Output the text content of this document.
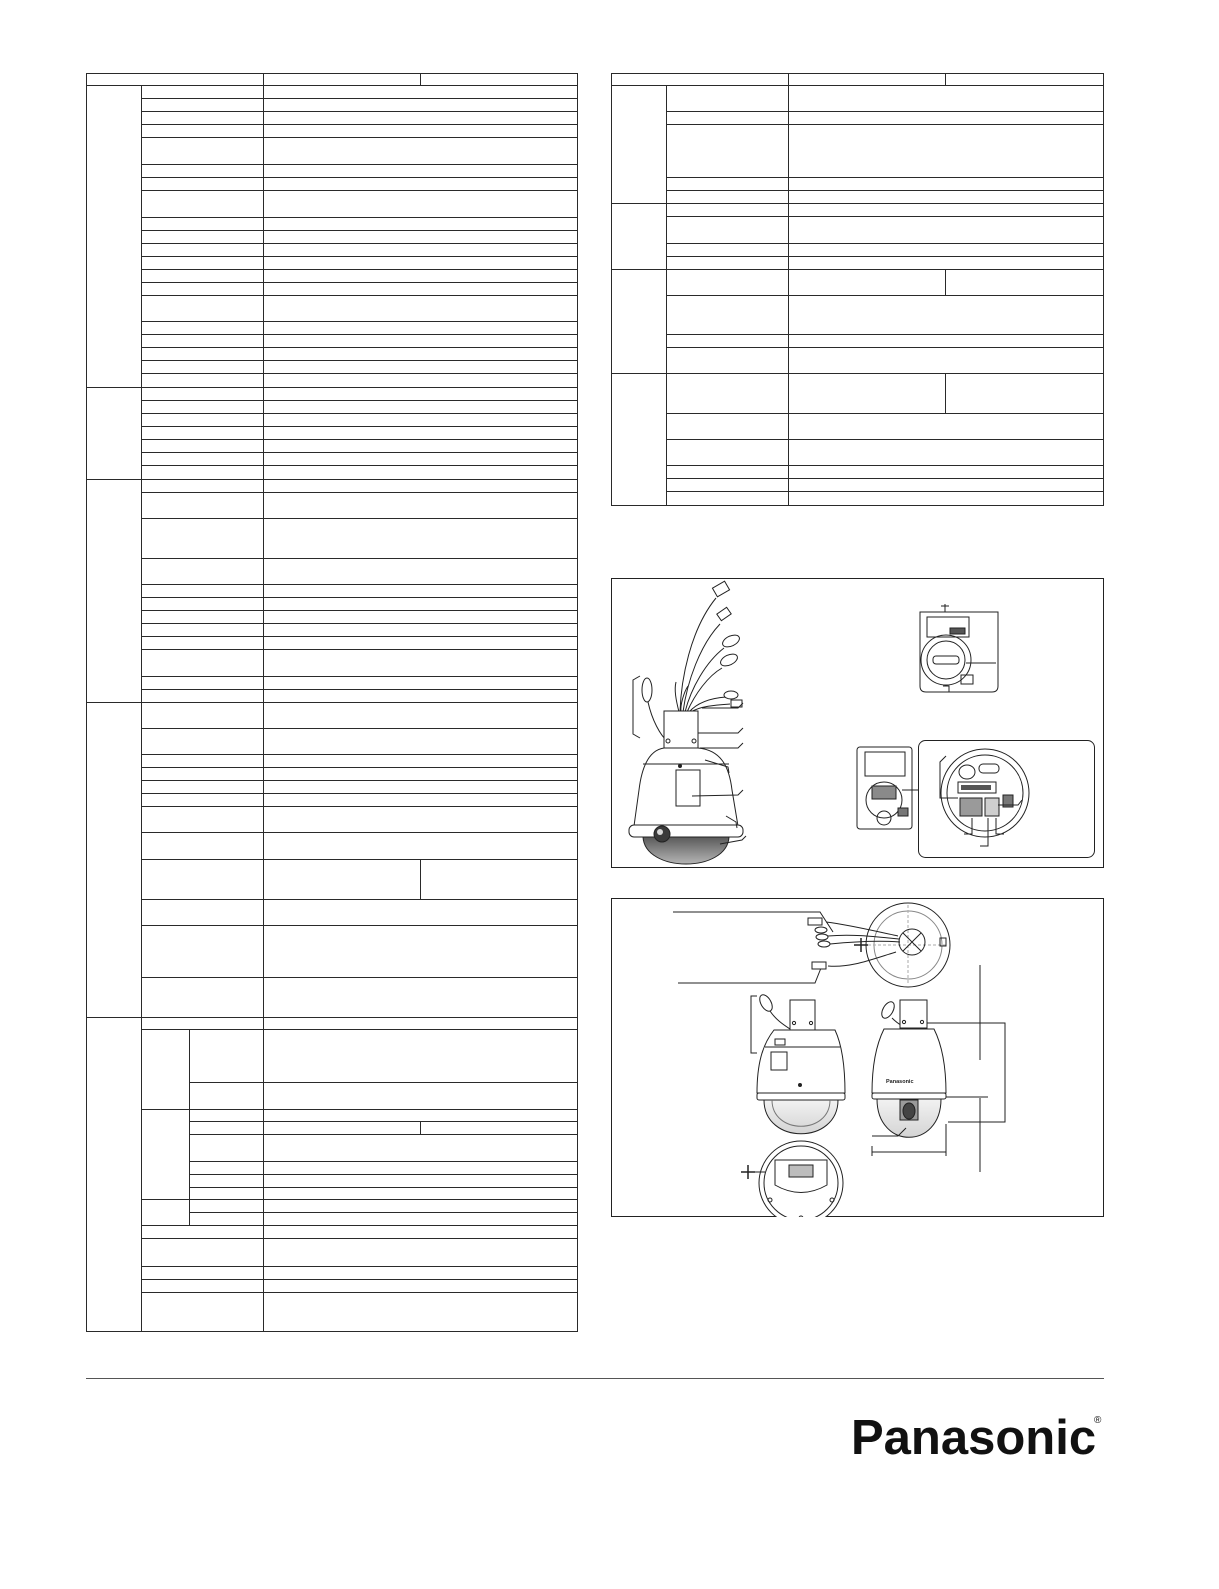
Panasonic
Panasonic
®
